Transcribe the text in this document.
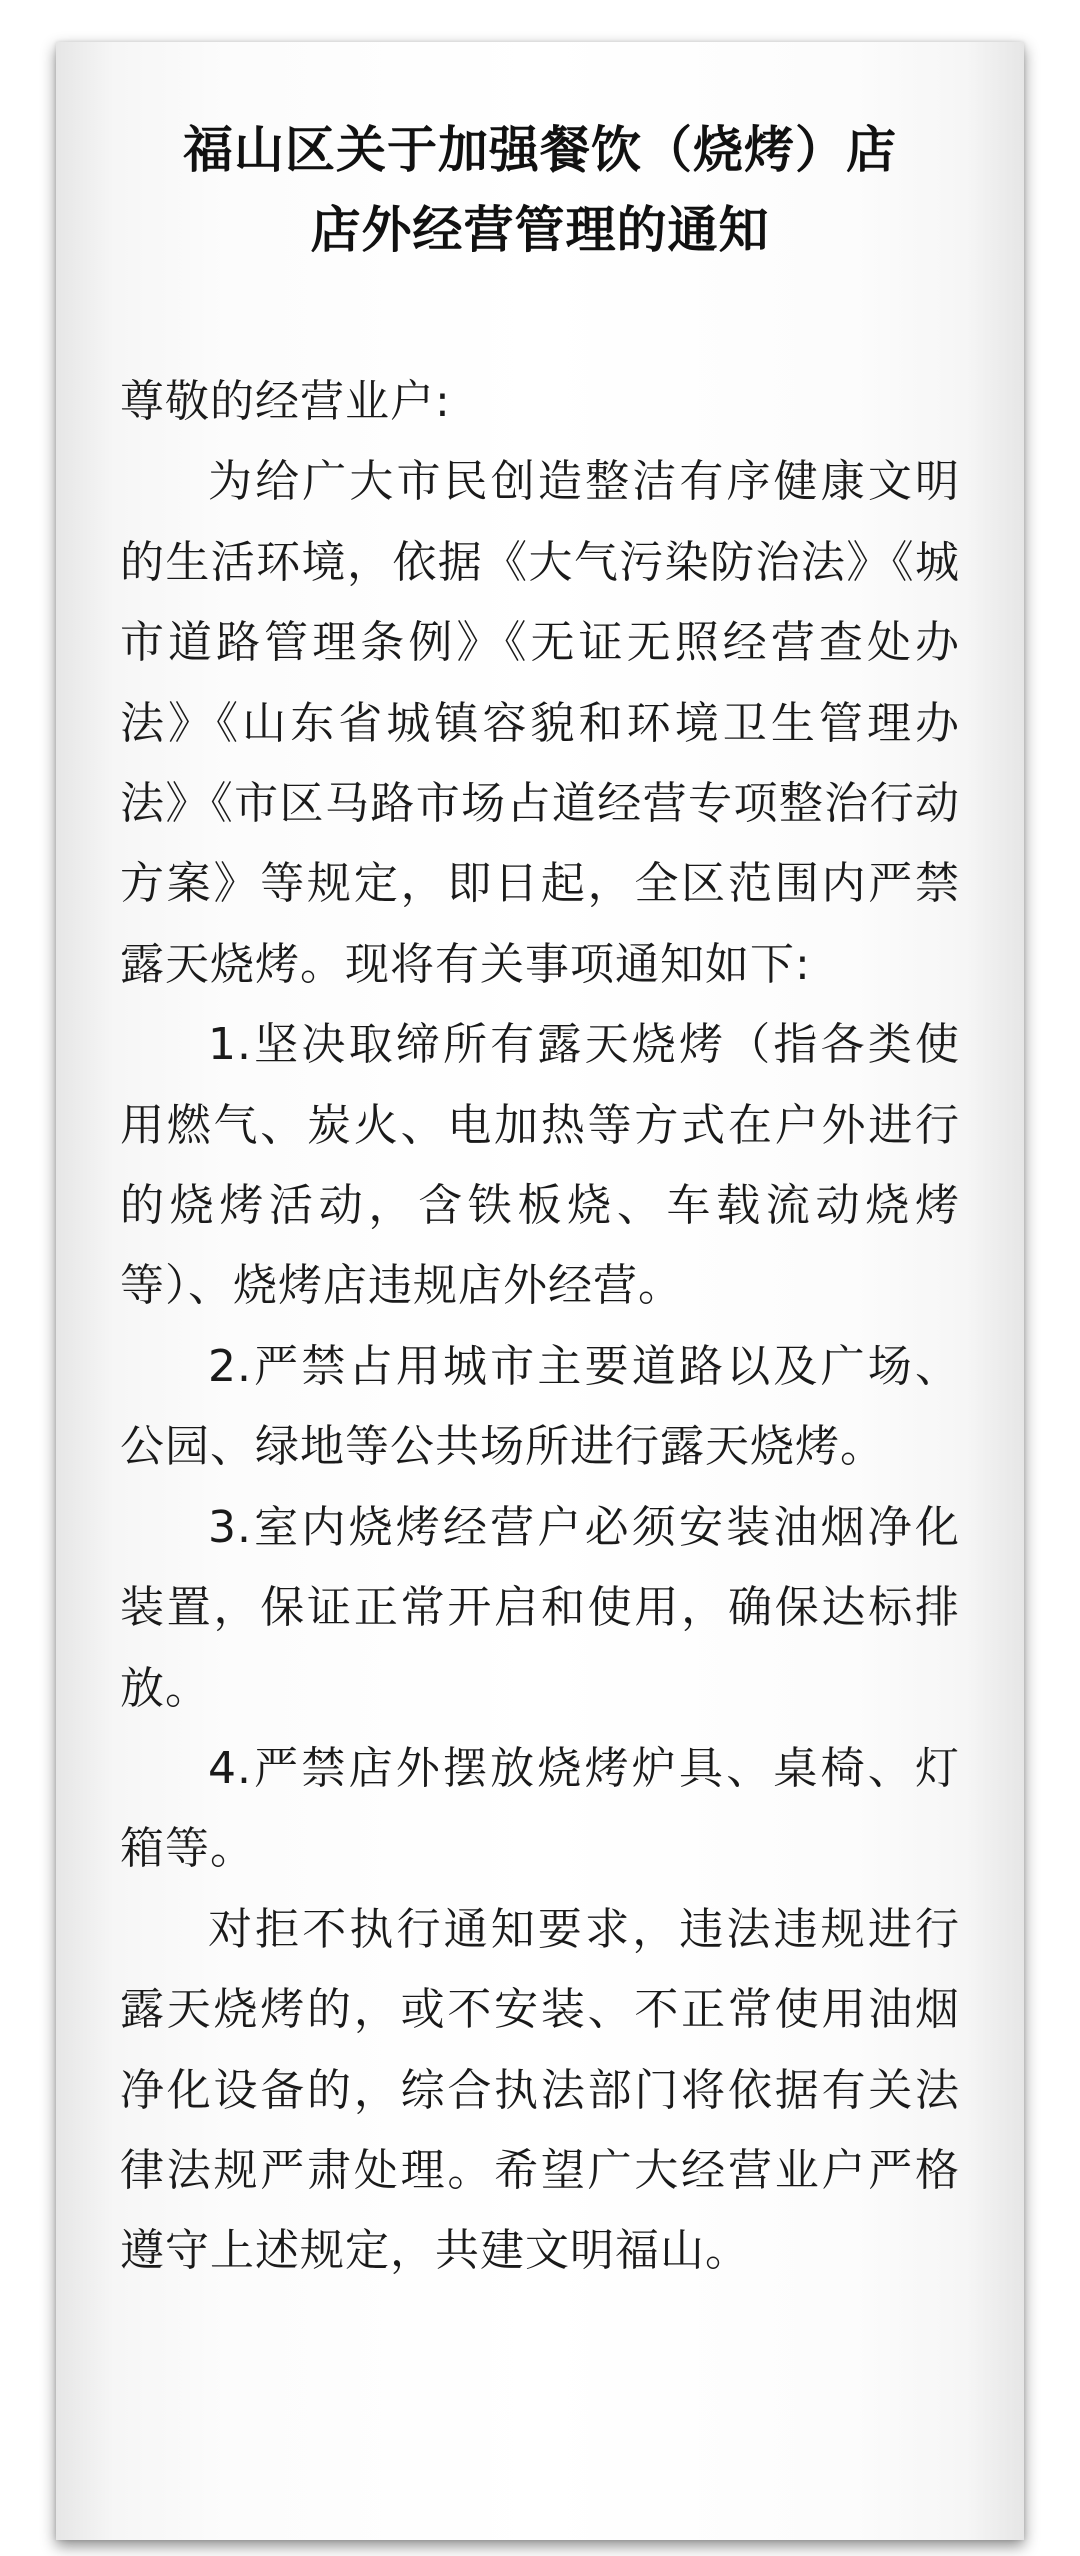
福山区关于加强餐饮（烧烤）店
店外经营管理的通知

尊敬的经营业户:

为给广大市民创造整洁有序健康文明的生活环境，依据《大气污染防治法》《城市道路管理条例》《无证无照经营查处办法》《山东省城镇容貌和环境卫生管理办法》《市区马路市场占道经营专项整治行动方案》等规定，即日起，全区范围内严禁露天烧烤。现将有关事项通知如下:

1.坚决取缔所有露天烧烤（指各类使用燃气、炭火、电加热等方式在户外进行的烧烤活动，含铁板烧、车载流动烧烤等）、烧烤店违规店外经营。

2.严禁占用城市主要道路以及广场、公园、绿地等公共场所进行露天烧烤。

3.室内烧烤经营户必须安装油烟净化装置，保证正常开启和使用，确保达标排放。

4.严禁店外摆放烧烤炉具、桌椅、灯箱等。

对拒不执行通知要求，违法违规进行露天烧烤的，或不安装、不正常使用油烟净化设备的，综合执法部门将依据有关法律法规严肃处理。希望广大经营业户严格遵守上述规定，共建文明福山。
